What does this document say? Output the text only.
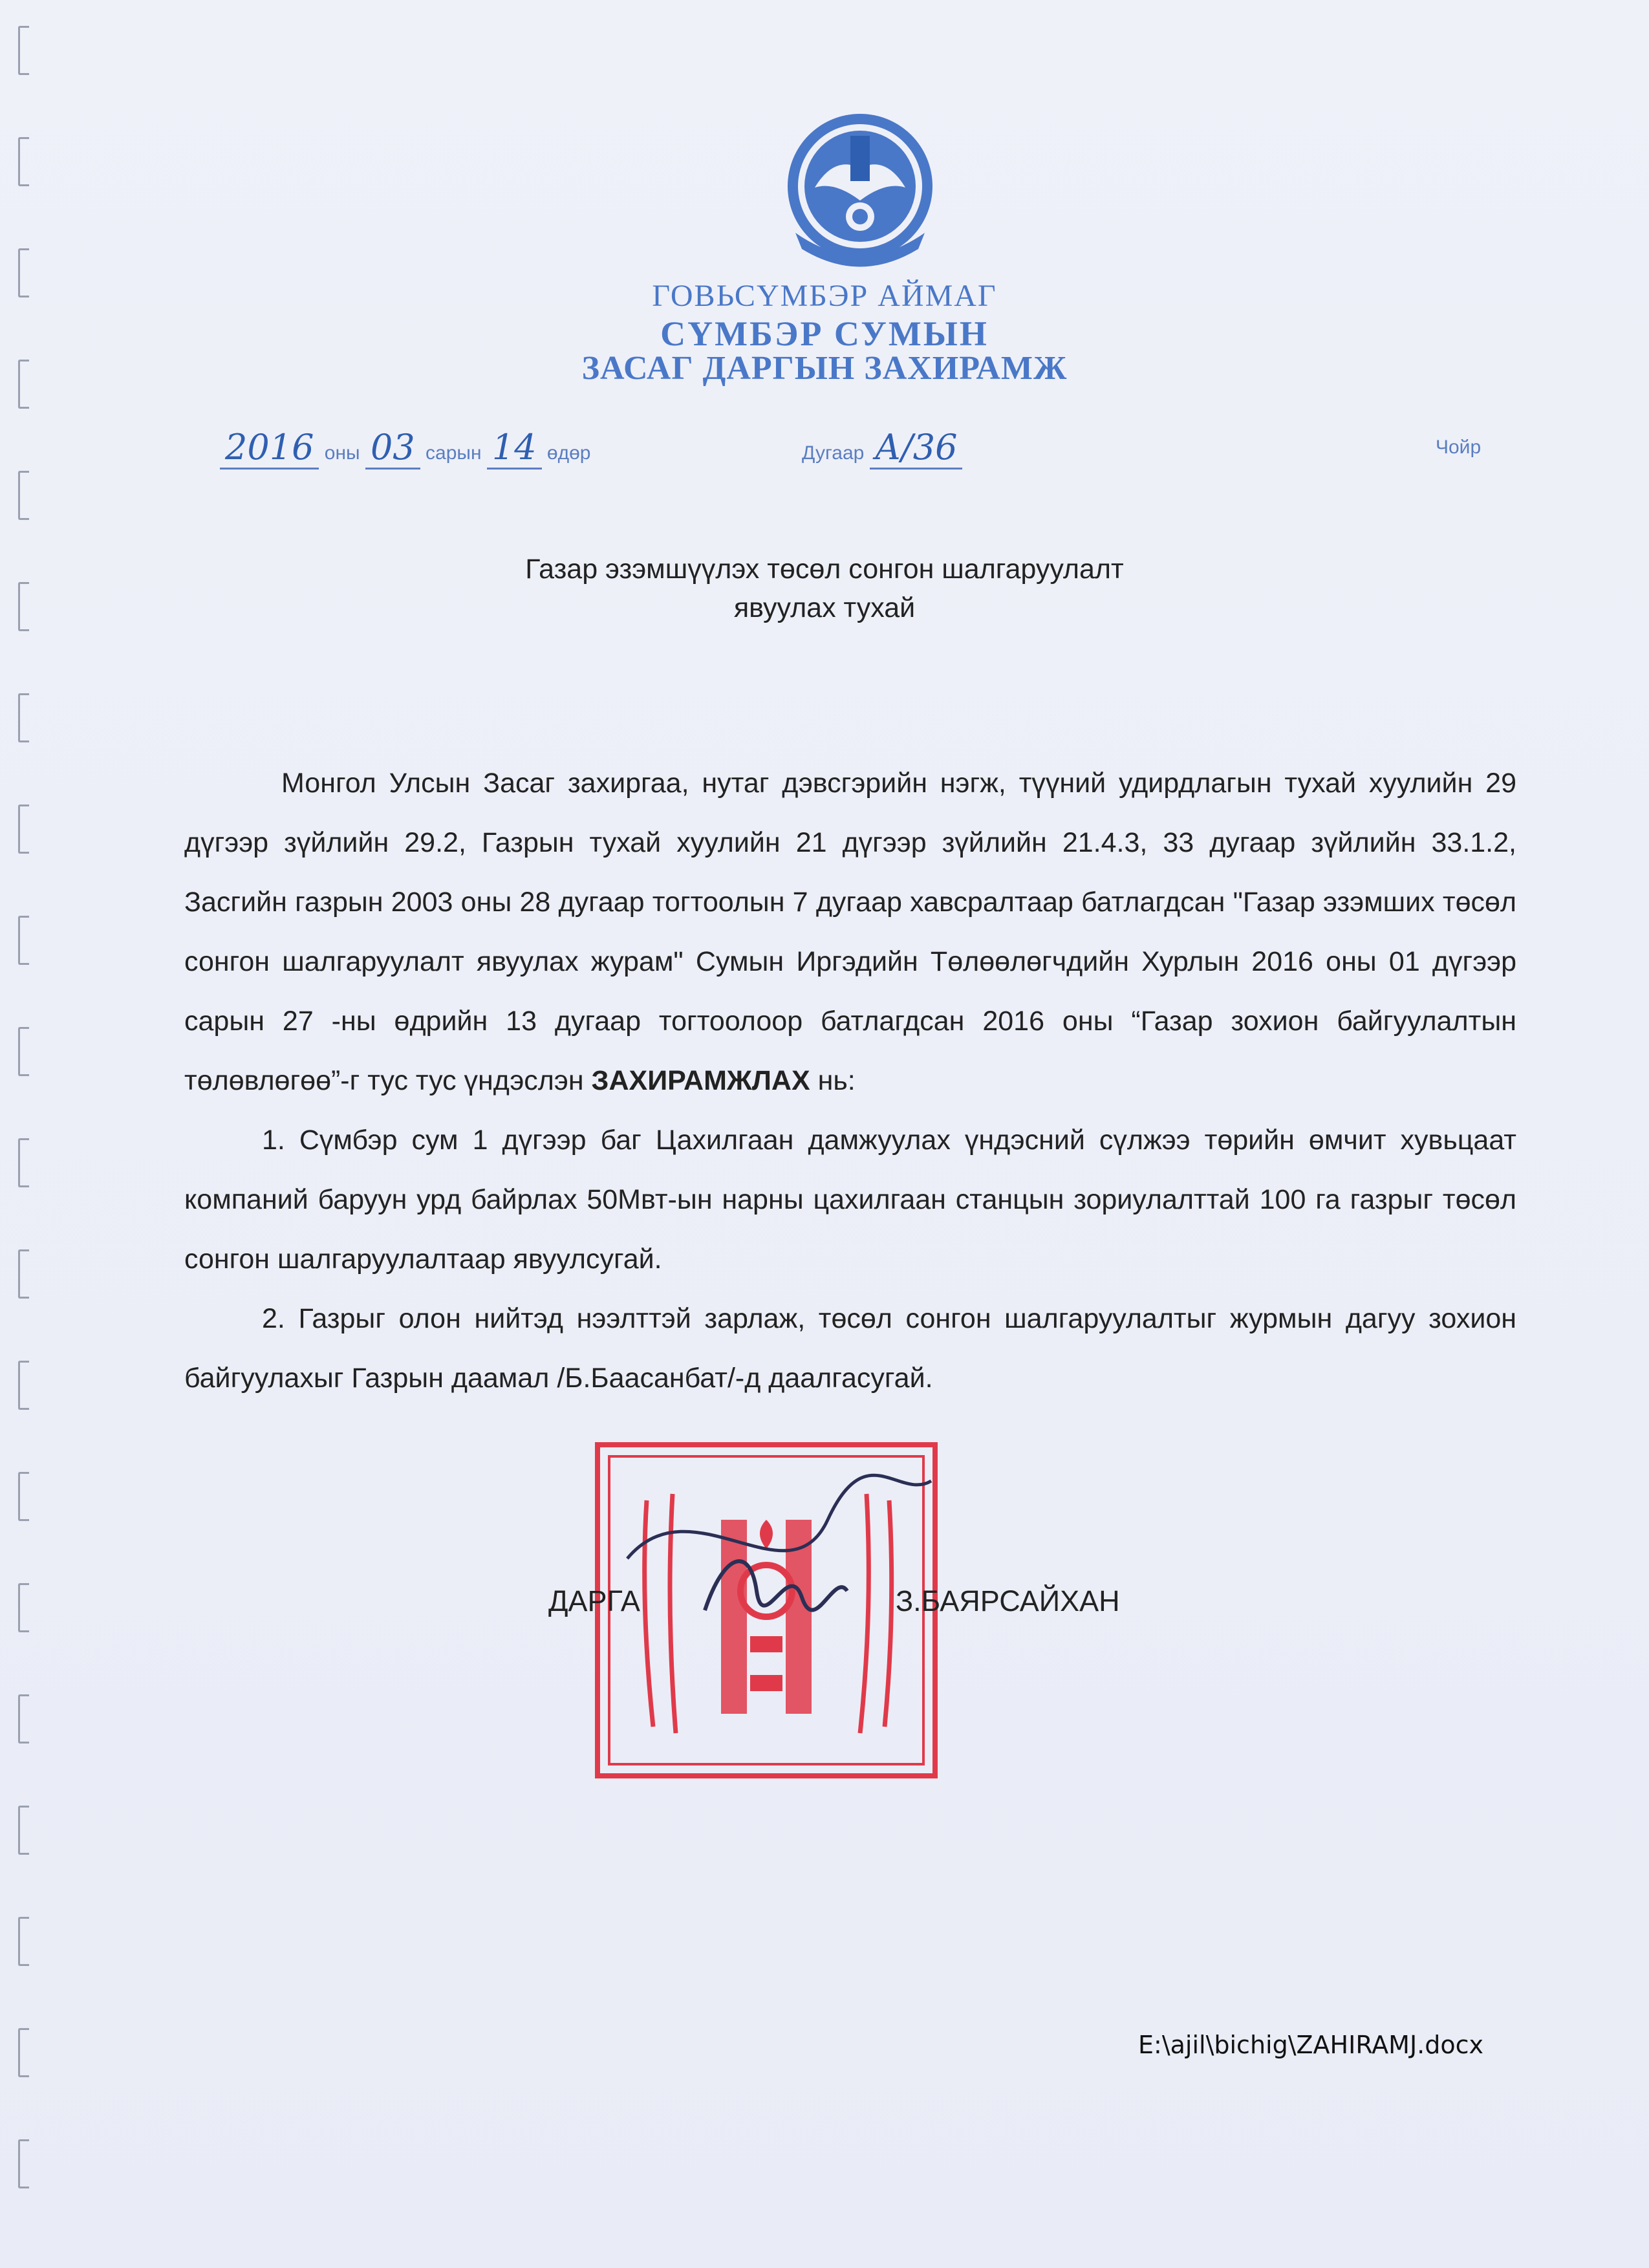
ГОВЬСҮМБЭР АЙМАГ
СҮМБЭР СУМЫН
ЗАСАГ ДАРГЫН ЗАХИРАМЖ
2016 оны 03 сарын 14 өдөр	Дугаар А/36	Чойр
Газар эзэмшүүлэх төсөл сонгон шалгаруулалт
явуулах тухай

Монгол Улсын Засаг захиргаа, нутаг дэвсгэрийн нэгж, түүний удирдлагын тухай хуулийн 29 дүгээр зүйлийн 29.2, Газрын тухай хуулийн 21 дүгээр зүйлийн 21.4.3, 33 дугаар зүйлийн 33.1.2, Засгийн газрын 2003 оны 28 дугаар тогтоолын 7 дугаар хавсралтаар батлагдсан "Газар эзэмших төсөл сонгон шалгаруулалт явуулах журам" Сумын Иргэдийн Төлөөлөгчдийн Хурлын 2016 оны 01 дүгээр сарын 27 -ны өдрийн 13 дугаар тогтоолоор батлагдсан 2016 оны “Газар зохион байгуулалтын төлөвлөгөө”-г тус тус үндэслэн ЗАХИРАМЖЛАХ нь:

1. Сүмбэр сум 1 дүгээр баг Цахилгаан дамжуулах үндэсний сүлжээ төрийн өмчит хувьцаат компаний баруун урд байрлах 50Мвт-ын нарны цахилгаан станцын зориулалттай 100 га газрыг төсөл сонгон шалгаруулалтаар явуулсугай.

2. Газрыг олон нийтэд нээлттэй зарлаж, төсөл сонгон шалгаруулалтыг журмын дагуу зохион байгуулахыг Газрын даамал /Б.Баасанбат/-д даалгасугай.

ДАРГА	З.БАЯРСАЙХАН
E:\ajil\bichig\ZAHIRAMJ.docx
